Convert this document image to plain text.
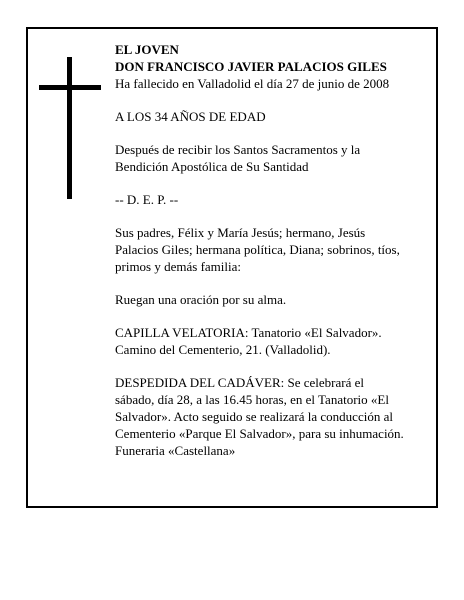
EL JOVEN
DON FRANCISCO JAVIER PALACIOS GILES
Ha fallecido en Valladolid el día 27 de junio de 2008

A LOS 34 AÑOS DE EDAD

Después de recibir los Santos Sacramentos y la
Bendición Apostólica de Su Santidad

-- D. E. P. --

Sus padres, Félix y María Jesús; hermano, Jesús
Palacios Giles; hermana política, Diana; sobrinos, tíos,
primos y demás familia:

Ruegan una oración por su alma.

CAPILLA VELATORIA: Tanatorio «El Salvador».
Camino del Cementerio, 21. (Valladolid).

DESPEDIDA DEL CADÁVER: Se celebrará el
sábado, día 28, a las 16.45 horas, en el Tanatorio «El
Salvador». Acto seguido se realizará la conducción al
Cementerio «Parque El Salvador», para su inhumación.
Funeraria «Castellana»
